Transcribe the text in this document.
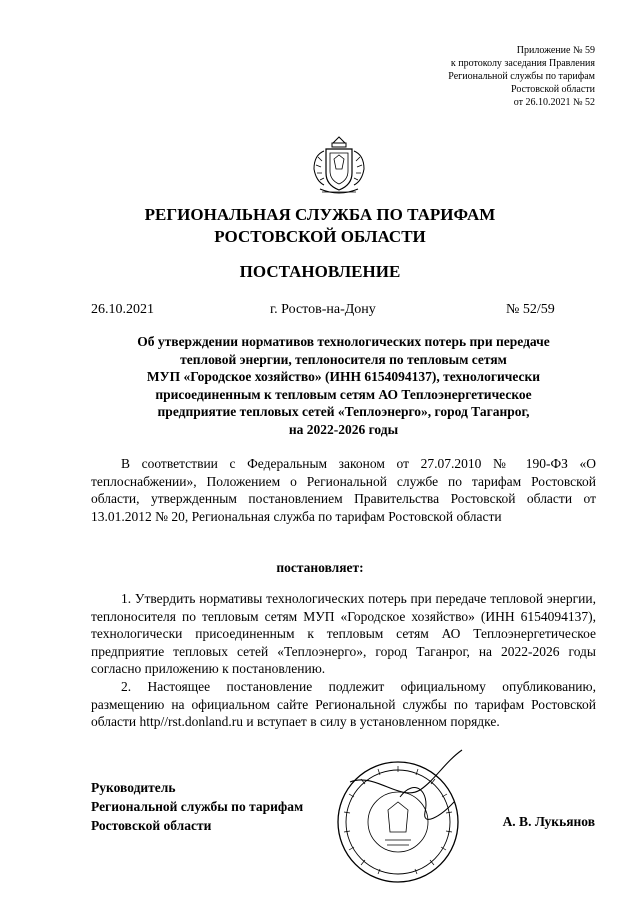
Приложение № 59
к протоколу заседания Правления
Региональной службы по тарифам
Ростовской области
от 26.10.2021 № 52
РЕГИОНАЛЬНАЯ СЛУЖБА ПО ТАРИФАМ
РОСТОВСКОЙ ОБЛАСТИ
ПОСТАНОВЛЕНИЕ
26.10.2021	г. Ростов-на-Дону	№ 52/59
Об утверждении нормативов технологических потерь при передаче
тепловой энергии, теплоносителя по тепловым сетям
МУП «Городское хозяйство» (ИНН 6154094137), технологически
присоединенным к тепловым сетям АО Теплоэнергетическое
предприятие тепловых сетей «Теплоэнерго», город Таганрог,
на 2022-2026 годы

В соответствии с Федеральным законом от 27.07.2010 № 190-ФЗ «О теплоснабжении», Положением о Региональной службе по тарифам Ростовской области, утвержденным постановлением Правительства Ростовской области от 13.01.2012 № 20, Региональная служба по тарифам Ростовской области

постановляет:

1. Утвердить нормативы технологических потерь при передаче тепловой энергии, теплоносителя по тепловым сетям МУП «Городское хозяйство» (ИНН 6154094137), технологически присоединенным к тепловым сетям АО Теплоэнергетическое предприятие тепловых сетей «Теплоэнерго», город Таганрог, на 2022-2026 годы согласно приложению к постановлению.

2. Настоящее постановление подлежит официальному опубликованию, размещению на официальном сайте Региональной службы по тарифам Ростовской области http//rst.donland.ru и вступает в силу в установленном порядке.

Руководитель
Региональной службы по тарифам
Ростовской области	А. В. Лукьянов
